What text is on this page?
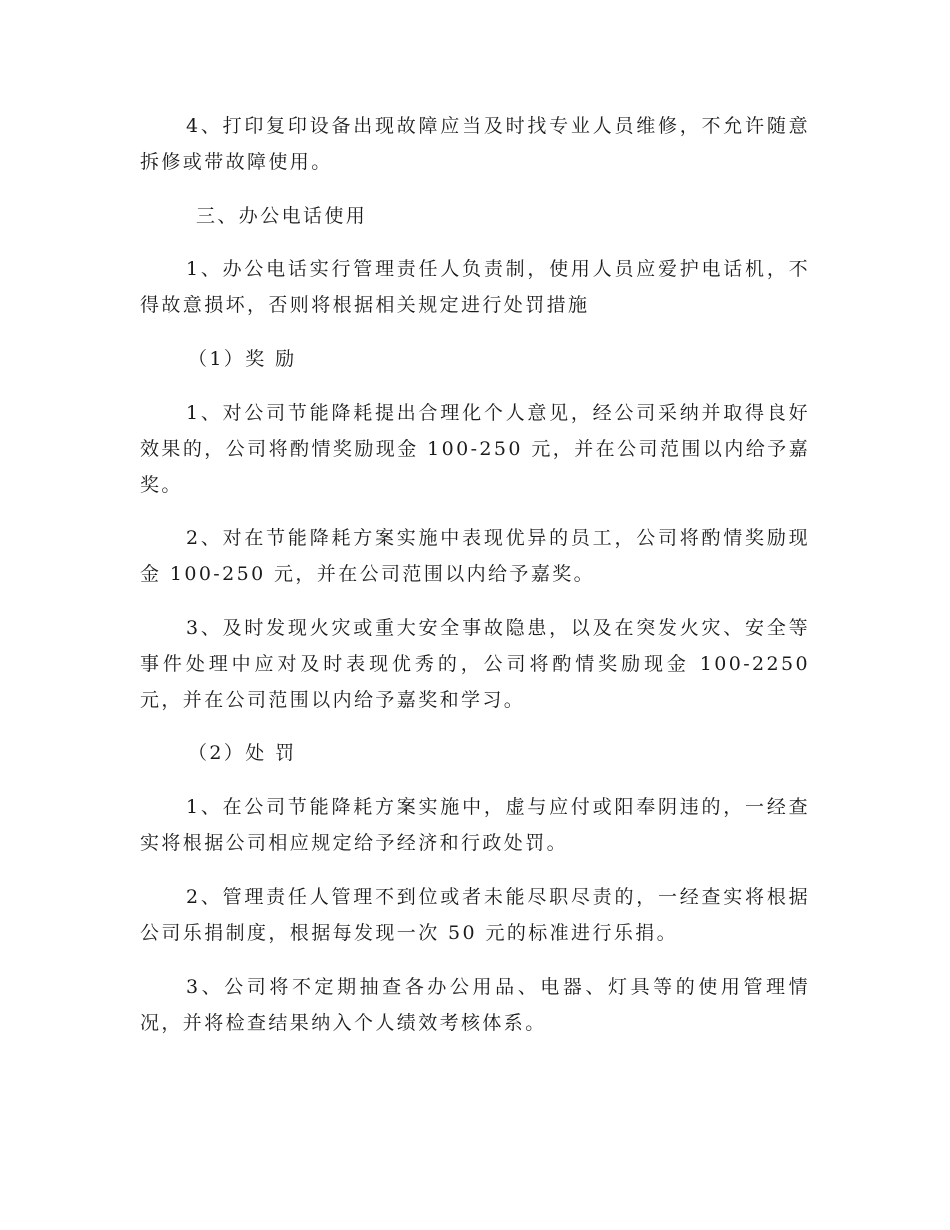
4、打印复印设备出现故障应当及时找专业人员维修，不允许随意拆修或带故障使用。

三、办公电话使用

1、办公电话实行管理责任人负责制，使用人员应爱护电话机，不得故意损坏，否则将根据相关规定进行处罚措施

（1）奖 励

1、对公司节能降耗提出合理化个人意见，经公司采纳并取得良好效果的，公司将酌情奖励现金 100-250 元，并在公司范围以内给予嘉奖。

2、对在节能降耗方案实施中表现优异的员工，公司将酌情奖励现金 100-250 元，并在公司范围以内给予嘉奖。

3、及时发现火灾或重大安全事故隐患，以及在突发火灾、安全等事件处理中应对及时表现优秀的，公司将酌情奖励现金 100-2250 元，并在公司范围以内给予嘉奖和学习。

（2）处 罚

1、在公司节能降耗方案实施中，虚与应付或阳奉阴违的，一经查实将根据公司相应规定给予经济和行政处罚。

2、管理责任人管理不到位或者未能尽职尽责的，一经查实将根据公司乐捐制度，根据每发现一次 50 元的标准进行乐捐。

3、公司将不定期抽查各办公用品、电器、灯具等的使用管理情况，并将检查结果纳入个人绩效考核体系。
